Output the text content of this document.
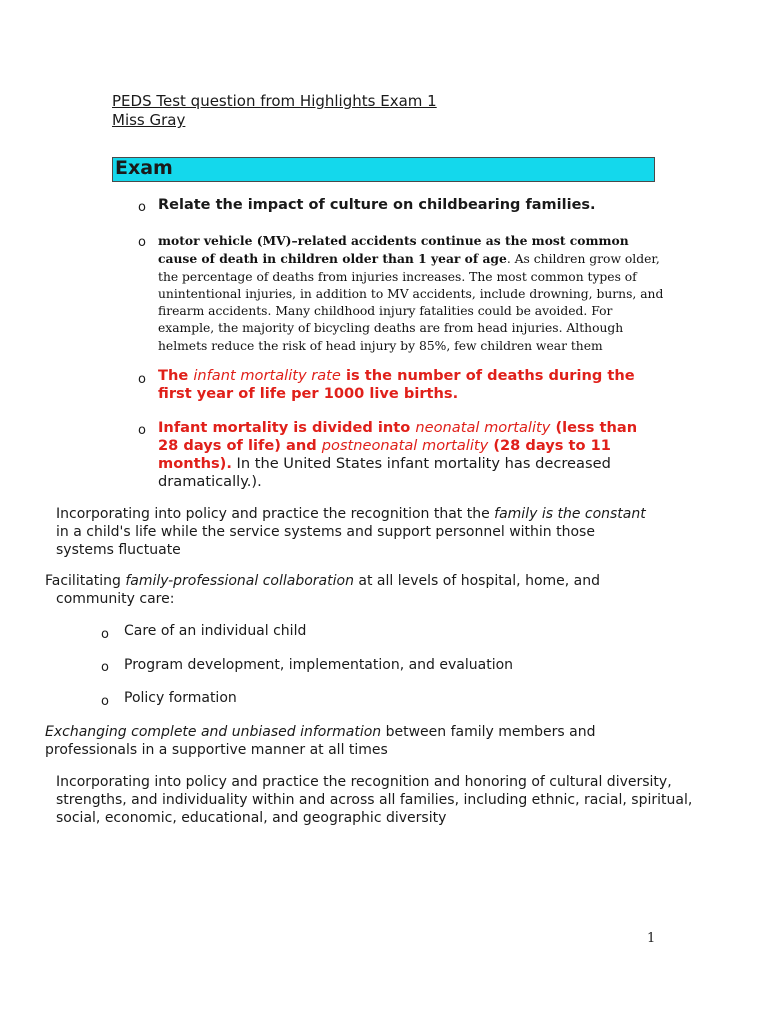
PEDS Test question from Highlights Exam 1
Miss Gray
Exam
o Relate the impact of culture on childbearing families.
o motor vehicle (MV)–related accidents continue as the most common cause of death in children older than 1 year of age. As children grow older, the percentage of deaths from injuries increases. The most common types of unintentional injuries, in addition to MV accidents, include drowning, burns, and firearm accidents. Many childhood injury fatalities could be avoided. For example, the majority of bicycling deaths are from head injuries. Although helmets reduce the risk of head injury by 85%, few children wear them
o The infant mortality rate is the number of deaths during the first year of life per 1000 live births.
o Infant mortality is divided into neonatal mortality (less than 28 days of life) and postneonatal mortality (28 days to 11 months). In the United States infant mortality has decreased dramatically.).
Incorporating into policy and practice the recognition that the family is the constant in a child's life while the service systems and support personnel within those systems fluctuate
Facilitating family-professional collaboration at all levels of hospital, home, and
community care:
o Care of an individual child
o Program development, implementation, and evaluation
o Policy formation
Exchanging complete and unbiased information between family members and professionals in a supportive manner at all times
Incorporating into policy and practice the recognition and honoring of cultural diversity, strengths, and individuality within and across all families, including ethnic, racial, spiritual, social, economic, educational, and geographic diversity
1
